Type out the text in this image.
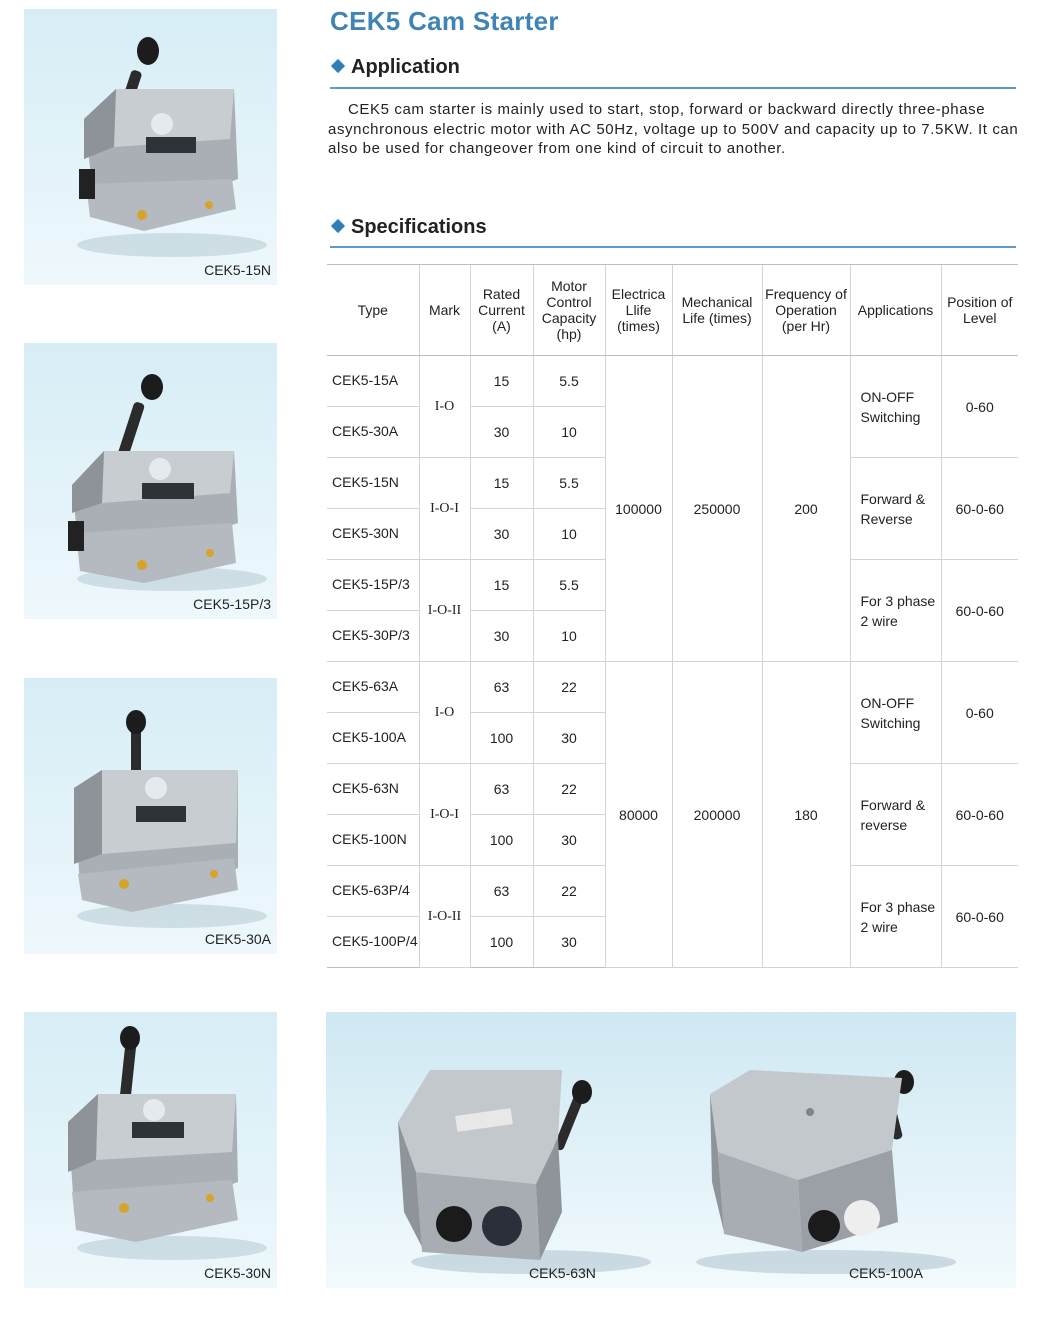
CEK5-15N
CEK5-15P/3
CEK5-30A
CEK5-30N
CEK5 Cam Starter
Application
CEK5 cam starter is mainly used to start, stop, forward or backward directly three-phase asynchronous electric motor with AC 50Hz, voltage up to 500V and capacity up to 7.5KW. It can also be used for changeover from one kind of circuit to another.
Specifications
Type	Mark	Rated Current (A)	Motor Control Capacity (hp)	Electrica Llife (times)	Mechanical Life (times)	Frequency of Operation (per Hr)	Applications	Position of Level
CEK5-15A	I-O	15	5.5	100000	250000	200	ON-OFF Switching	0-60
CEK5-30A		30	10					
CEK5-15N	I-O-I	15	5.5				Forward & Reverse	60-0-60
CEK5-30N		30	10					
CEK5-15P/3	I-O-II	15	5.5				For 3 phase 2 wire	60-0-60
CEK5-30P/3		30	10					
CEK5-63A	I-O	63	22	80000	200000	180	ON-OFF Switching	0-60
CEK5-100A		100	30					
CEK5-63N	I-O-I	63	22				Forward & reverse	60-0-60
CEK5-100N		100	30					
CEK5-63P/4	I-O-II	63	22				For 3 phase 2 wire	60-0-60
CEK5-100P/4		100	30					
CEK5-63N	CEK5-100A
